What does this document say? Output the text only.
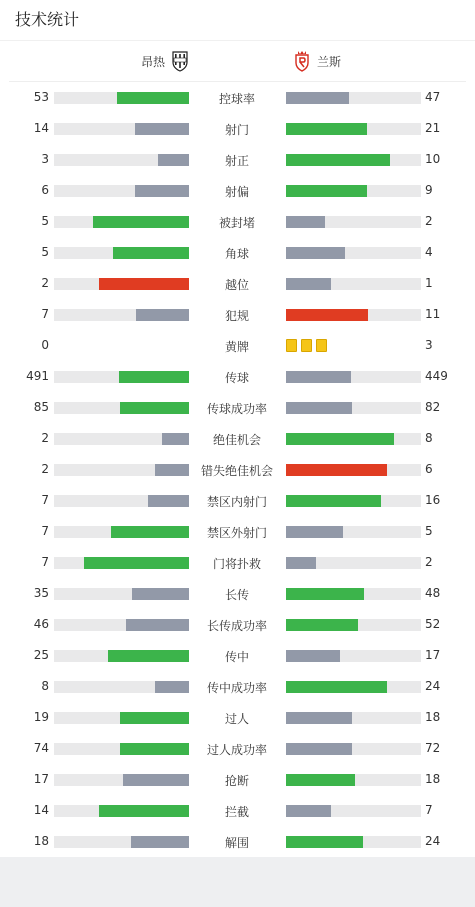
技术统计
昂热	兰斯
53	控球率	47
14	射门	21
3	射正	10
6	射偏	9
5	被封堵	2
5	角球	4
2	越位	1
7	犯规	11
0	黄牌	3
491	传球	449
85	传球成功率	82
2	绝佳机会	8
2	错失绝佳机会	6
7	禁区内射门	16
7	禁区外射门	5
7	门将扑救	2
35	长传	48
46	长传成功率	52
25	传中	17
8	传中成功率	24
19	过人	18
74	过人成功率	72
17	抢断	18
14	拦截	7
18	解围	24
